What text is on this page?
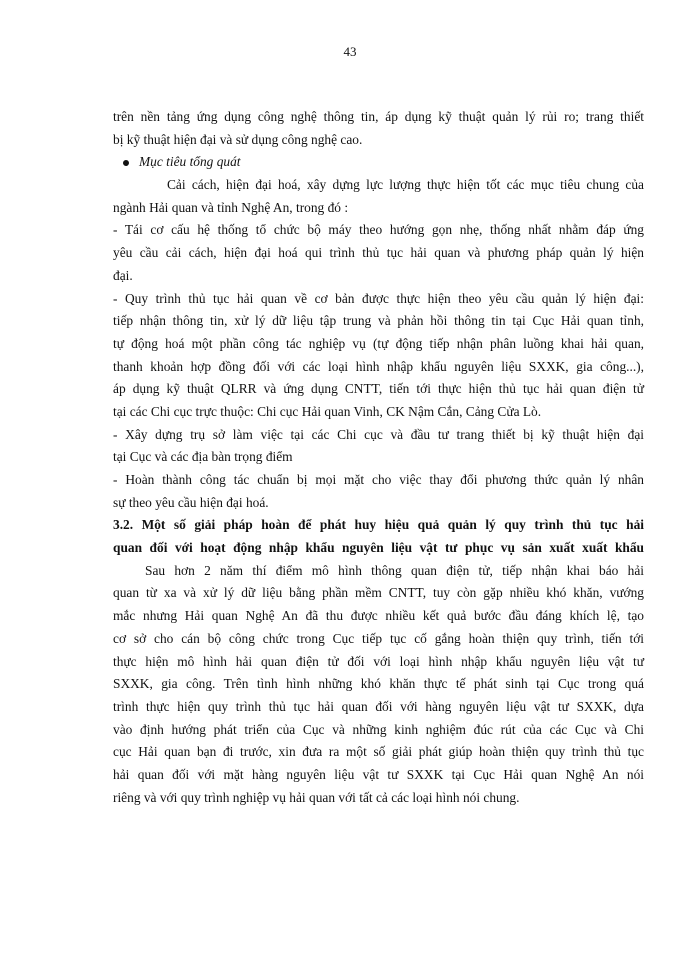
43
trên nền tảng ứng dụng công nghệ thông tin, áp dụng kỹ thuật quản lý rủi ro; trang thiết
bị kỹ thuật hiện đại và sử dụng công nghệ cao.
Mục tiêu tổng quát
Cải cách, hiện đại hoá, xây dựng lực lượng thực hiện tốt các mục tiêu chung của
ngành Hải quan và tỉnh Nghệ An, trong đó :
- Tái cơ cấu hệ thống tổ chức bộ máy theo hướng gọn nhẹ, thống nhất nhằm đáp ứng
yêu cầu cải cách, hiện đại hoá qui trình thủ tục hải quan và phương pháp quản lý hiện
đại.
- Quy trình thủ tục hải quan về cơ bản được thực hiện theo yêu cầu quản lý hiện đại:
tiếp nhận thông tin, xử lý dữ liệu tập trung và phản hồi thông tin tại Cục Hải quan tỉnh,
tự động hoá một phần công tác nghiệp vụ (tự động tiếp nhận phân luồng khai hải quan,
thanh khoản hợp đồng đối với các loại hình nhập khẩu nguyên liệu SXXK, gia công...),
áp dụng kỹ thuật QLRR và ứng dụng CNTT, tiến tới thực hiện thủ tục hải quan điện tử
tại các Chi cục trực thuộc: Chi cục Hải quan Vinh, CK Nậm Cắn, Cảng Cửa Lò.
- Xây dựng trụ sở làm việc tại các Chi cục và đầu tư trang thiết bị kỹ thuật hiện đại
tại Cục và các địa bàn trọng điểm
- Hoàn thành công tác chuẩn bị mọi mặt cho việc thay đổi phương thức quản lý nhân
sự theo yêu cầu hiện đại hoá.
3.2. Một số giải pháp hoàn để phát huy hiệu quả quản lý quy trình thủ tục hải
quan đối với hoạt động nhập khẩu nguyên liệu vật tư phục vụ sản xuất xuất khẩu
Sau hơn 2 năm thí điểm mô hình thông quan điện tử, tiếp nhận khai báo hải
quan từ xa và xử lý dữ liệu bằng phần mềm CNTT, tuy còn gặp nhiều khó khăn, vướng
mắc nhưng Hải quan Nghệ An đã thu được nhiều kết quả bước đầu đáng khích lệ, tạo
cơ sở cho cán bộ công chức trong Cục tiếp tục cố gắng hoàn thiện quy trình, tiến tới
thực hiện mô hình hải quan điện tử đối với loại hình nhập khẩu nguyên liệu vật tư
SXXK, gia công. Trên tình hình những khó khăn thực tế phát sinh tại Cục trong quá
trình thực hiện quy trình thủ tục hải quan đối với hàng nguyên liệu vật tư SXXK, dựa
vào định hướng phát triển của Cục và những kinh nghiệm đúc rút của các Cục và Chi
cục Hải quan bạn đi trước, xin đưa ra một số giải phát giúp hoàn thiện quy trình thủ tục
hải quan đối với mặt hàng nguyên liệu vật tư SXXK tại Cục Hải quan Nghệ An nói
riêng và với quy trình nghiệp vụ hải quan với tất cả các loại hình nói chung.
